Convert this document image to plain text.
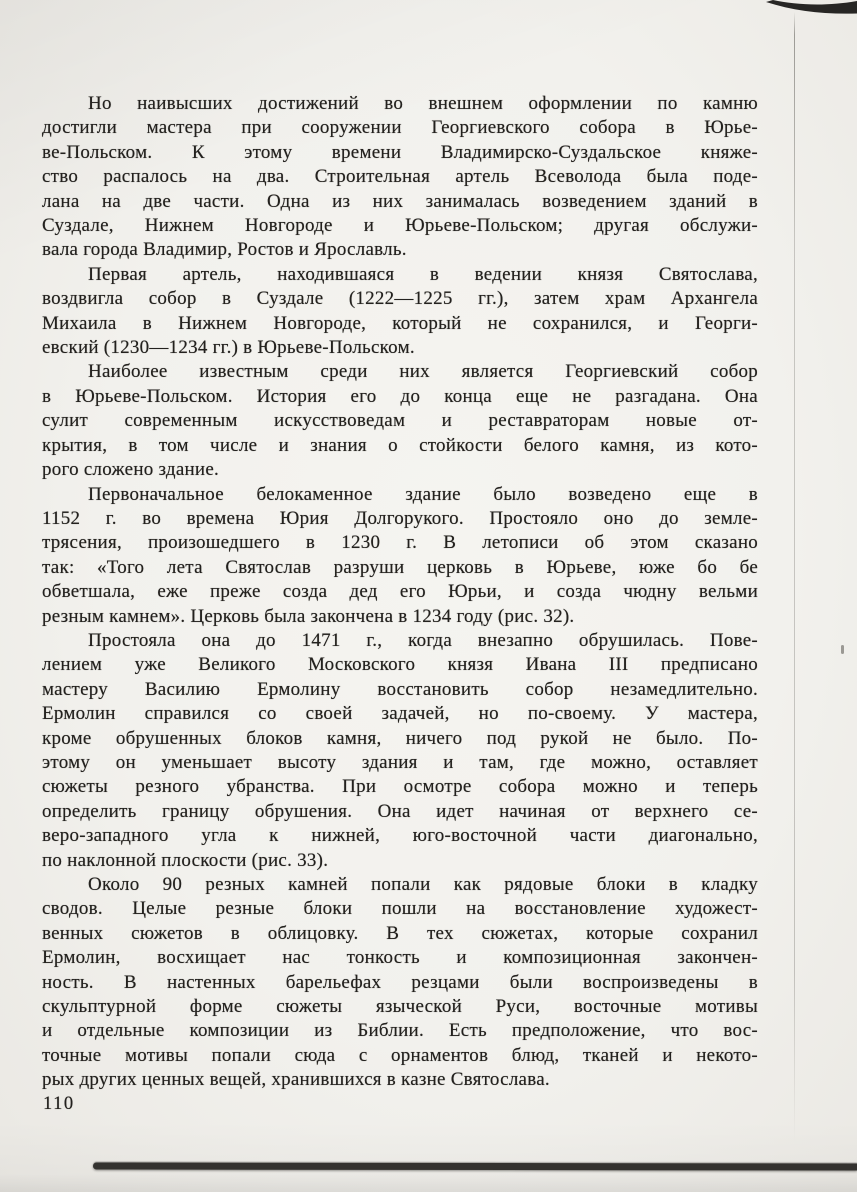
Но наивысших достижений во внешнем оформлении по камню
достигли мастера при сооружении Георгиевского собора в Юрье-
ве-Польском. К этому времени Владимирско-Суздальское княже-
ство распалось на два. Строительная артель Всеволода была поде-
лана на две части. Одна из них занималась возведением зданий в
Суздале, Нижнем Новгороде и Юрьеве-Польском; другая обслужи-
вала города Владимир, Ростов и Ярославль.
Первая артель, находившаяся в ведении князя Святослава,
воздвигла собор в Суздале (1222—1225 гг.), затем храм Архангела
Михаила в Нижнем Новгороде, который не сохранился, и Георги-
евский (1230—1234 гг.) в Юрьеве-Польском.
Наиболее известным среди них является Георгиевский собор
в Юрьеве-Польском. История его до конца еще не разгадана. Она
сулит современным искусствоведам и реставраторам новые от-
крытия, в том числе и знания о стойкости белого камня, из кото-
рого сложено здание.
Первоначальное белокаменное здание было возведено еще в
1152 г. во времена Юрия Долгорукого. Простояло оно до земле-
трясения, произошедшего в 1230 г. В летописи об этом сказано
так: «Того лета Святослав разруши церковь в Юрьеве, юже бо бе
обветшала, еже преже созда дед его Юрьи, и созда чюдну вельми
резным камнем». Церковь была закончена в 1234 году (рис. 32).
Простояла она до 1471 г., когда внезапно обрушилась. Пове-
лением уже Великого Московского князя Ивана III предписано
мастеру Василию Ермолину восстановить собор незамедлительно.
Ермолин справился со своей задачей, но по-своему. У мастера,
кроме обрушенных блоков камня, ничего под рукой не было. По-
этому он уменьшает высоту здания и там, где можно, оставляет
сюжеты резного убранства. При осмотре собора можно и теперь
определить границу обрушения. Она идет начиная от верхнего се-
веро-западного угла к нижней, юго-восточной части диагонально,
по наклонной плоскости (рис. 33).
Около 90 резных камней попали как рядовые блоки в кладку
сводов. Целые резные блоки пошли на восстановление художест-
венных сюжетов в облицовку. В тех сюжетах, которые сохранил
Ермолин, восхищает нас тонкость и композиционная закончен-
ность. В настенных барельефах резцами были воспроизведены в
скульптурной форме сюжеты языческой Руси, восточные мотивы
и отдельные композиции из Библии. Есть предположение, что вос-
точные мотивы попали сюда с орнаментов блюд, тканей и некото-
рых других ценных вещей, хранившихся в казне Святослава.
110
